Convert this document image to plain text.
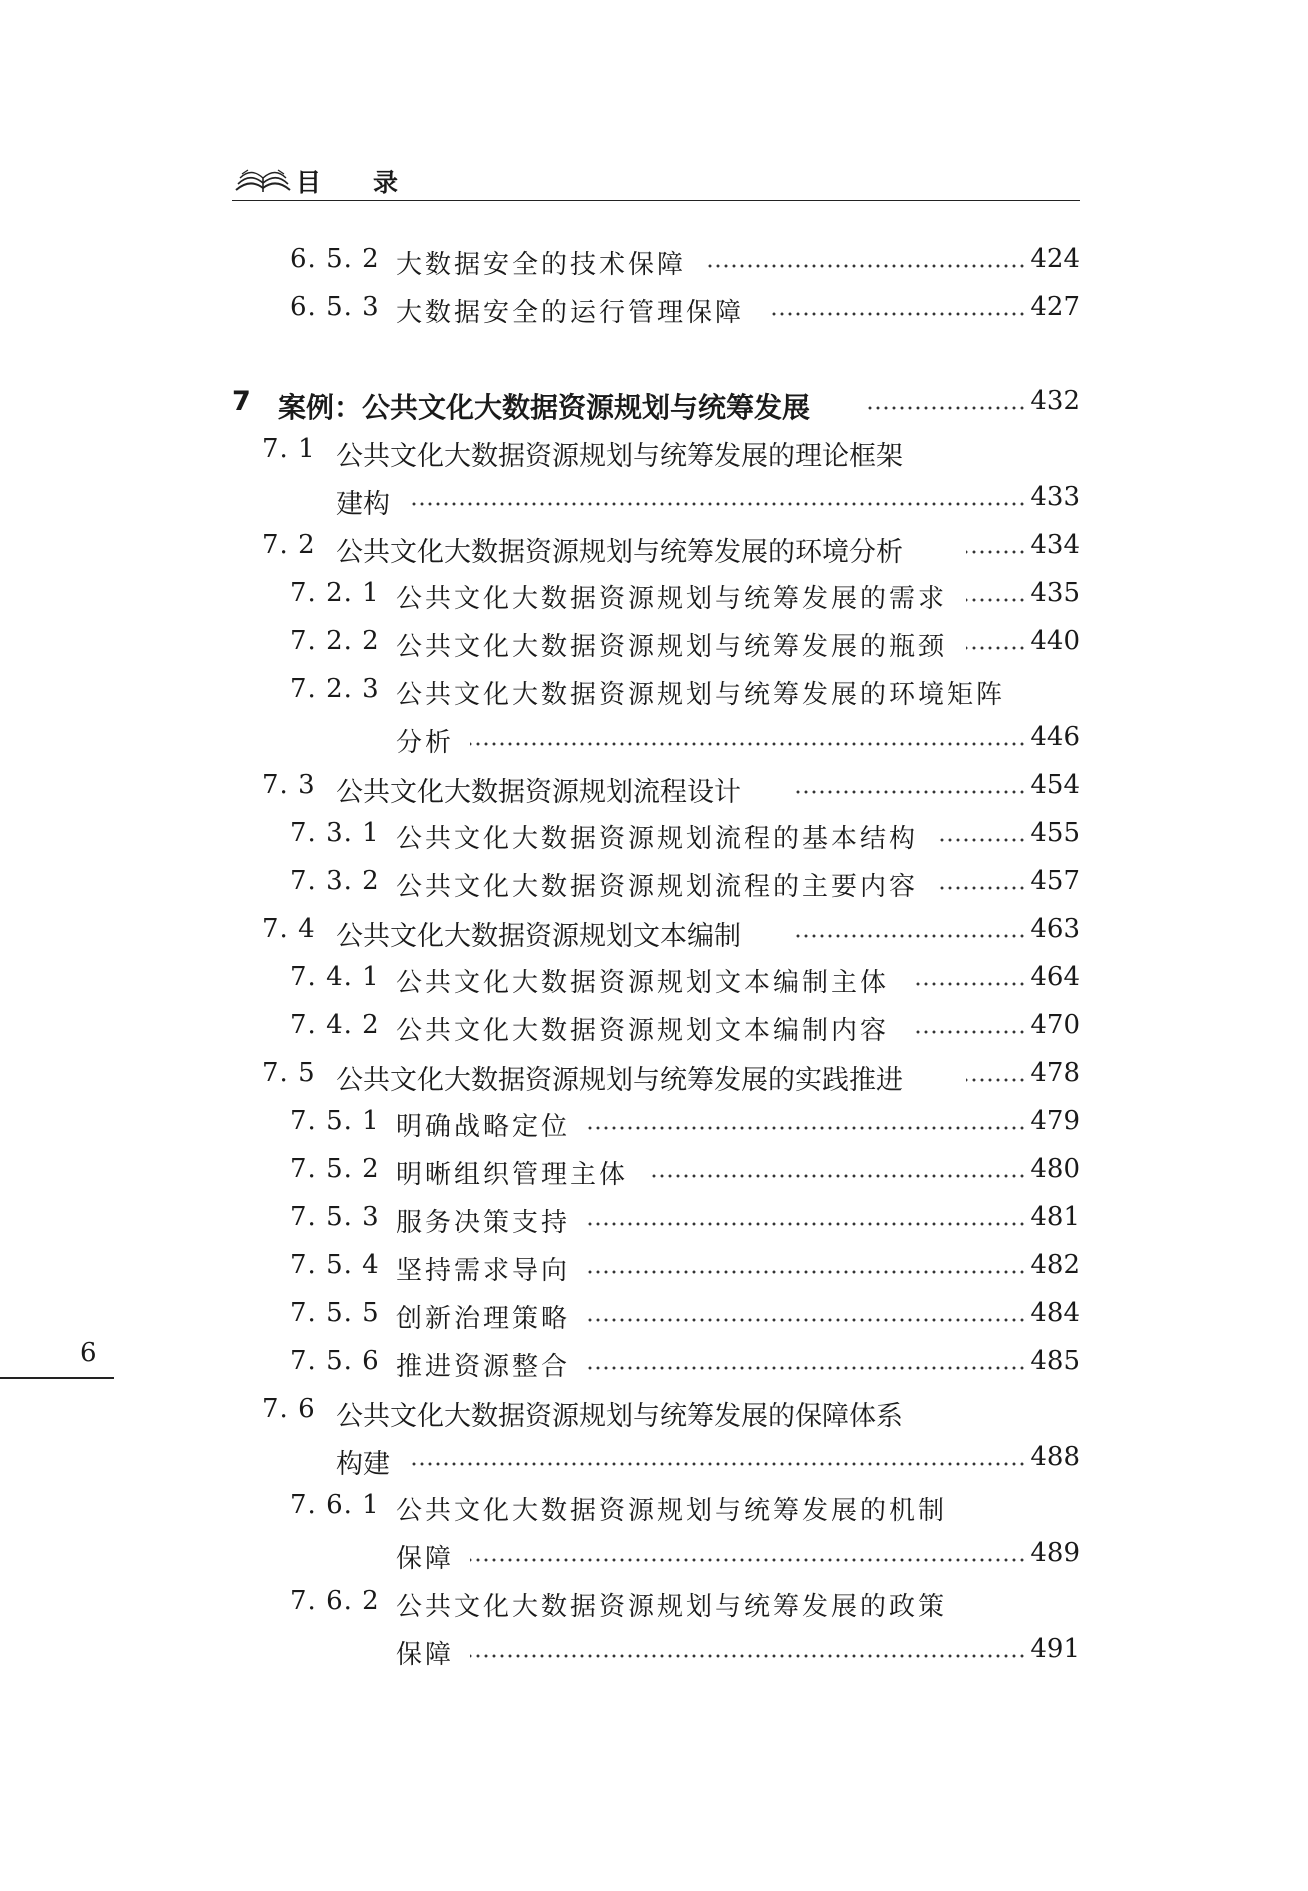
目 录
6. 5. 2 大数据安全的技术保障	424
6. 5. 3 大数据安全的运行管理保障	427
7 案例：公共文化大数据资源规划与统筹发展	432
7. 1 公共文化大数据资源规划与统筹发展的理论框架
建构	433
7. 2 公共文化大数据资源规划与统筹发展的环境分析	434
7. 2. 1 公共文化大数据资源规划与统筹发展的需求	435
7. 2. 2 公共文化大数据资源规划与统筹发展的瓶颈	440
7. 2. 3 公共文化大数据资源规划与统筹发展的环境矩阵
分析	446
7. 3 公共文化大数据资源规划流程设计	454
7. 3. 1 公共文化大数据资源规划流程的基本结构	455
7. 3. 2 公共文化大数据资源规划流程的主要内容	457
7. 4 公共文化大数据资源规划文本编制	463
7. 4. 1 公共文化大数据资源规划文本编制主体	464
7. 4. 2 公共文化大数据资源规划文本编制内容	470
7. 5 公共文化大数据资源规划与统筹发展的实践推进	478
7. 5. 1 明确战略定位	479
7. 5. 2 明晰组织管理主体	480
7. 5. 3 服务决策支持	481
7. 5. 4 坚持需求导向	482
7. 5. 5 创新治理策略	484
7. 5. 6 推进资源整合	485
7. 6 公共文化大数据资源规划与统筹发展的保障体系
构建	488
7. 6. 1 公共文化大数据资源规划与统筹发展的机制
保障	489
7. 6. 2 公共文化大数据资源规划与统筹发展的政策
保障	491
6
